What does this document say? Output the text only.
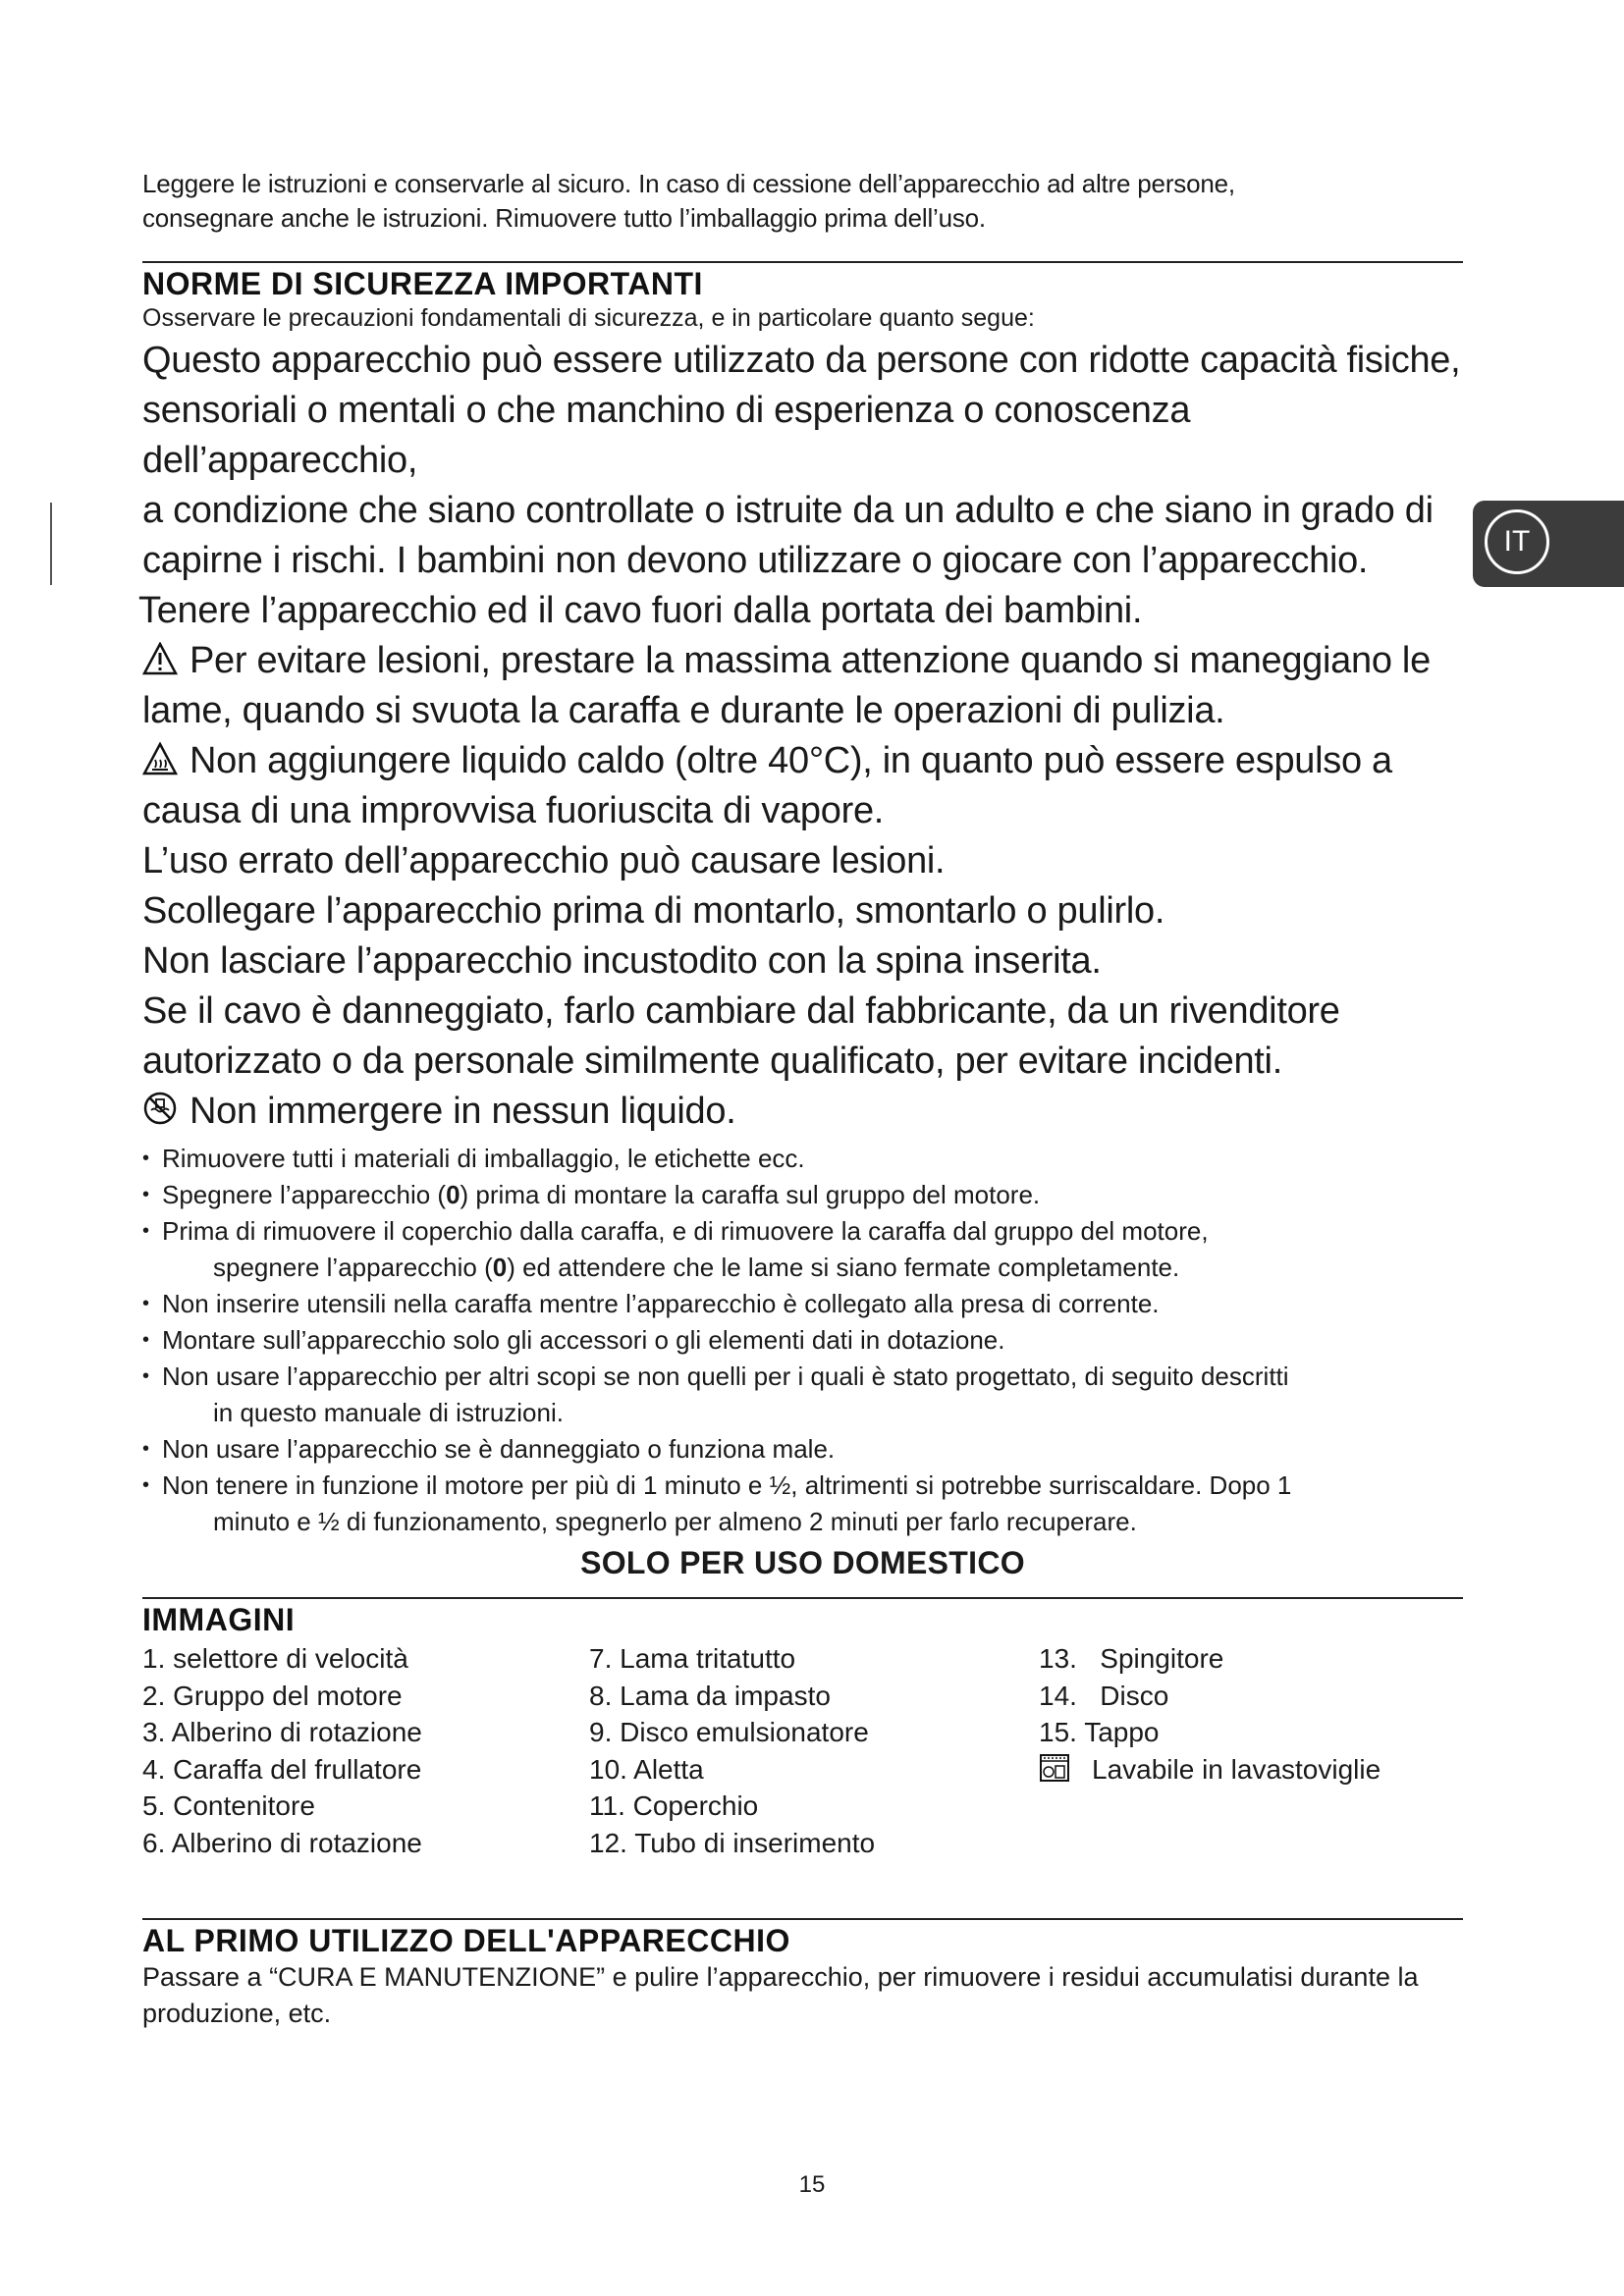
IT

Leggere le istruzioni e conservarle al sicuro. In caso di cessione dell’apparecchio ad altre persone,

consegnare anche le istruzioni. Rimuovere tutto l’imballaggio prima dell’uso.

NORME DI SICUREZZA IMPORTANTI

Osservare le precauzioni fondamentali di sicurezza, e in particolare quanto segue:

Questo apparecchio può essere utilizzato da persone con ridotte capacità fisiche,

sensoriali o mentali o che manchino di esperienza o conoscenza dell’apparecchio,

a condizione che siano controllate o istruite da un adulto e che siano in grado di

capirne i rischi. I bambini non devono utilizzare o giocare con l’apparecchio.

Tenere l’apparecchio ed il cavo fuori dalla portata dei bambini.

Per evitare lesioni, prestare la massima attenzione quando si maneggiano le

lame, quando si svuota la caraffa e durante le operazioni di pulizia.

Non aggiungere liquido caldo (oltre 40°C), in quanto può essere espulso a

causa di una improvvisa fuoriuscita di vapore.

L’uso errato dell’apparecchio può causare lesioni.

Scollegare l’apparecchio prima di montarlo, smontarlo o pulirlo.

Non lasciare l’apparecchio incustodito con la spina inserita.

Se il cavo è danneggiato, farlo cambiare dal fabbricante, da un rivenditore

autorizzato o da personale similmente qualificato, per evitare incidenti.

Non immergere in nessun liquido.

• Rimuovere tutti i materiali di imballaggio, le etichette ecc.
• Spegnere l’apparecchio (0) prima di montare la caraffa sul gruppo del motore.
• Prima di rimuovere il coperchio dalla caraffa, e di rimuovere la caraffa dal gruppo del motore,
spegnere l’apparecchio (0) ed attendere che le lame si siano fermate completamente.
• Non inserire utensili nella caraffa mentre l’apparecchio è collegato alla presa di corrente.
• Montare sull’apparecchio solo gli accessori o gli elementi dati in dotazione.
• Non usare l’apparecchio per altri scopi se non quelli per i quali è stato progettato, di seguito descritti
in questo manuale di istruzioni.
• Non usare l’apparecchio se è danneggiato o funziona male.
• Non tenere in funzione il motore per più di 1 minuto e ½, altrimenti si potrebbe surriscaldare. Dopo 1
minuto e ½ di funzionamento, spegnerlo per almeno 2 minuti per farlo recuperare.
SOLO PER USO DOMESTICO
IMMAGINI
1. selettore di velocità
2. Gruppo del motore
3. Alberino di rotazione
4. Caraffa del frullatore
5. Contenitore
6. Alberino di rotazione
7. Lama tritatutto
8. Lama da impasto
9. Disco emulsionatore
10. Aletta
11. Coperchio
12. Tubo di inserimento
13.   Spingitore
14.   Disco
15. Tappo
Lavabile in lavastoviglie
AL PRIMO UTILIZZO DELL'APPARECCHIO

Passare a “CURA E MANUTENZIONE” e pulire l’apparecchio, per rimuovere i residui accumulatisi durante la

produzione, etc.

15
